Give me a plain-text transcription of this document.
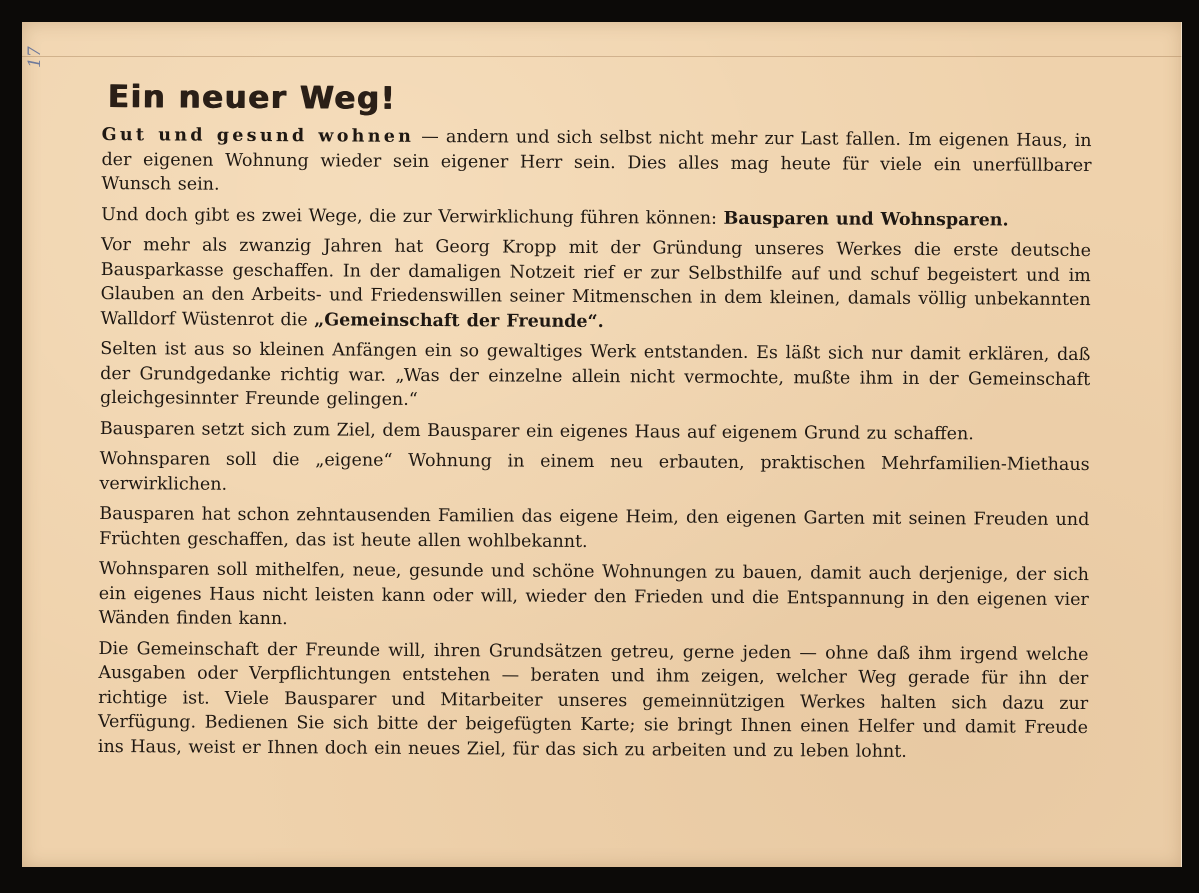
17
Ein neuer Weg!

Gut und gesund wohnen — andern und sich selbst nicht mehr zur Last fallen. Im eigenen Haus, in der eigenen Wohnung wieder sein eigener Herr sein. Dies alles mag heute für viele ein unerfüllbarer Wunsch sein.

Und doch gibt es zwei Wege, die zur Verwirklichung führen können: Bausparen und Wohnsparen.

Vor mehr als zwanzig Jahren hat Georg Kropp mit der Gründung unseres Werkes die erste deutsche Bausparkasse geschaffen. In der damaligen Notzeit rief er zur Selbsthilfe auf und schuf begeistert und im Glauben an den Arbeits- und Friedenswillen seiner Mitmenschen in dem kleinen, damals völlig unbekannten Walldorf Wüstenrot die „Gemeinschaft der Freunde“.

Selten ist aus so kleinen Anfängen ein so gewaltiges Werk entstanden. Es läßt sich nur damit erklären, daß der Grundgedanke richtig war. „Was der einzelne allein nicht vermochte, mußte ihm in der Gemeinschaft gleichgesinnter Freunde gelingen.“

Bausparen setzt sich zum Ziel, dem Bausparer ein eigenes Haus auf eigenem Grund zu schaffen.

Wohnsparen soll die „eigene“ Wohnung in einem neu erbauten, praktischen Mehrfamilien-Miethaus verwirklichen.

Bausparen hat schon zehntausenden Familien das eigene Heim, den eigenen Garten mit seinen Freuden und Früchten geschaffen, das ist heute allen wohlbekannt.

Wohnsparen soll mithelfen, neue, gesunde und schöne Wohnungen zu bauen, damit auch derjenige, der sich ein eigenes Haus nicht leisten kann oder will, wieder den Frieden und die Entspannung in den eigenen vier Wänden finden kann.

Die Gemeinschaft der Freunde will, ihren Grundsätzen getreu, gerne jeden — ohne daß ihm irgend welche Ausgaben oder Verpflichtungen entstehen — beraten und ihm zeigen, welcher Weg gerade für ihn der richtige ist. Viele Bausparer und Mitarbeiter unseres gemeinnützigen Werkes halten sich dazu zur Verfügung. Bedienen Sie sich bitte der beigefügten Karte; sie bringt Ihnen einen Helfer und damit Freude ins Haus, weist er Ihnen doch ein neues Ziel, für das sich zu arbeiten und zu leben lohnt.
